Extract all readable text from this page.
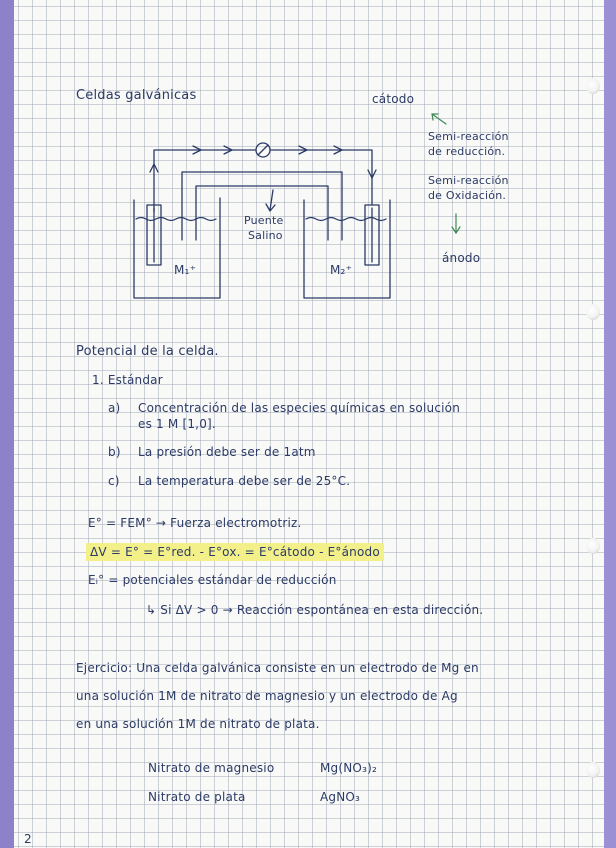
Celdas galvánicas
Puente
Salino
M₁⁺	M₂⁺
cátodo
Semi-reacción
de reducción.
Semi-reacción
de Oxidación.
ánodo
Potencial de la celda.
1. Estándar
a) Concentración de las especies químicas en solución
es 1 M [1,0].
b) La presión debe ser de 1atm
c) La temperatura debe ser de 25°C.
E° = FEM° → Fuerza electromotriz.
ΔV = E° = E°red. - E°ox. = E°cátodo - E°ánodo
Eᵢ° = potenciales estándar de reducción
↳ Si ΔV > 0 → Reacción espontánea en esta dirección.
Ejercicio: Una celda galvánica consiste en un electrodo de Mg en
una solución 1M de nitrato de magnesio y un electrodo de Ag
en una solución 1M de nitrato de plata.
Nitrato de magnesio	Mg(NO₃)₂
Nitrato de plata	AgNO₃
2
